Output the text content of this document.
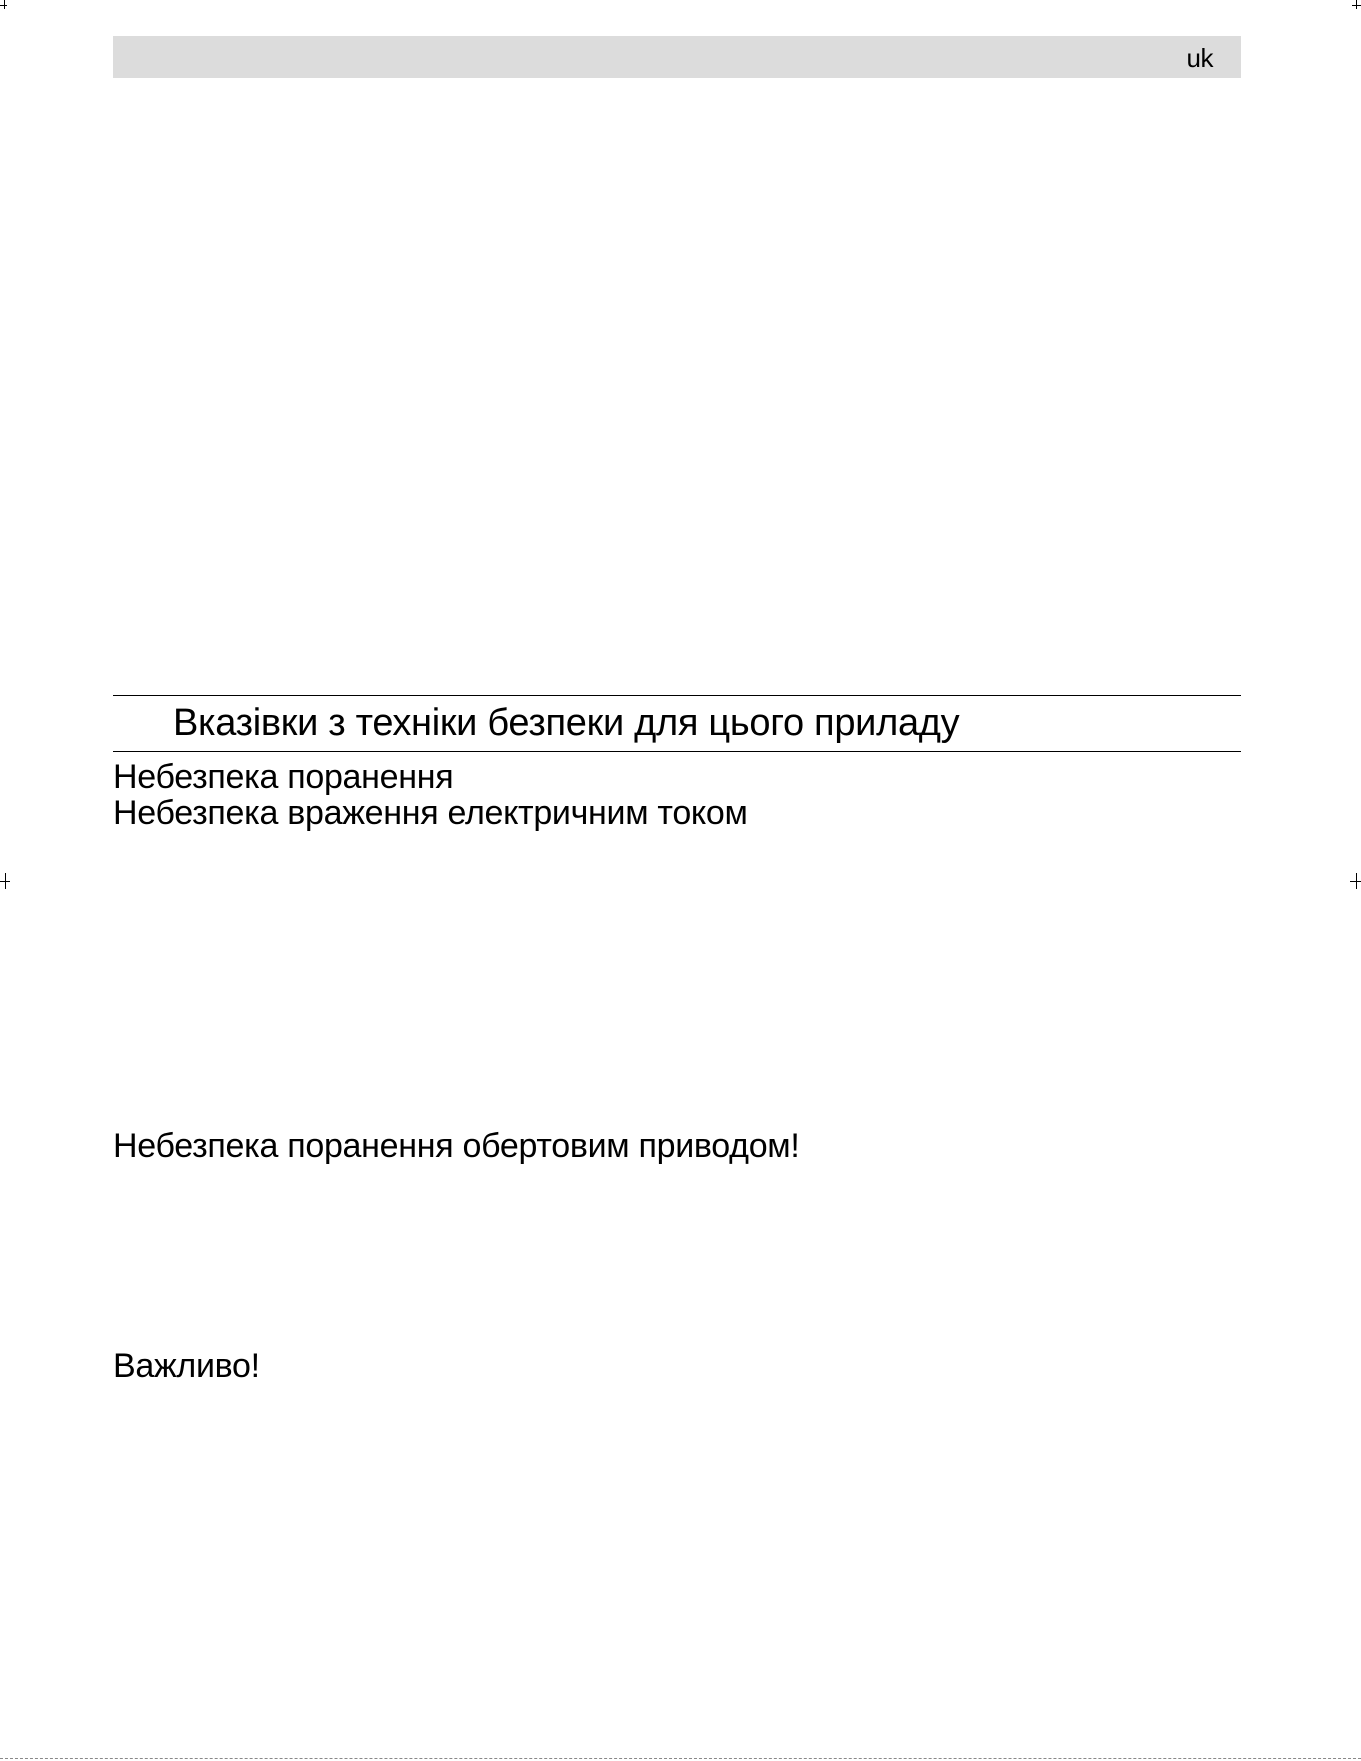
uk
Вказівки з техніки безпеки для цього приладу
Небезпека поранення
Небезпека враження електричним током
Небезпека поранення обертовим приводом!
Важливо!
